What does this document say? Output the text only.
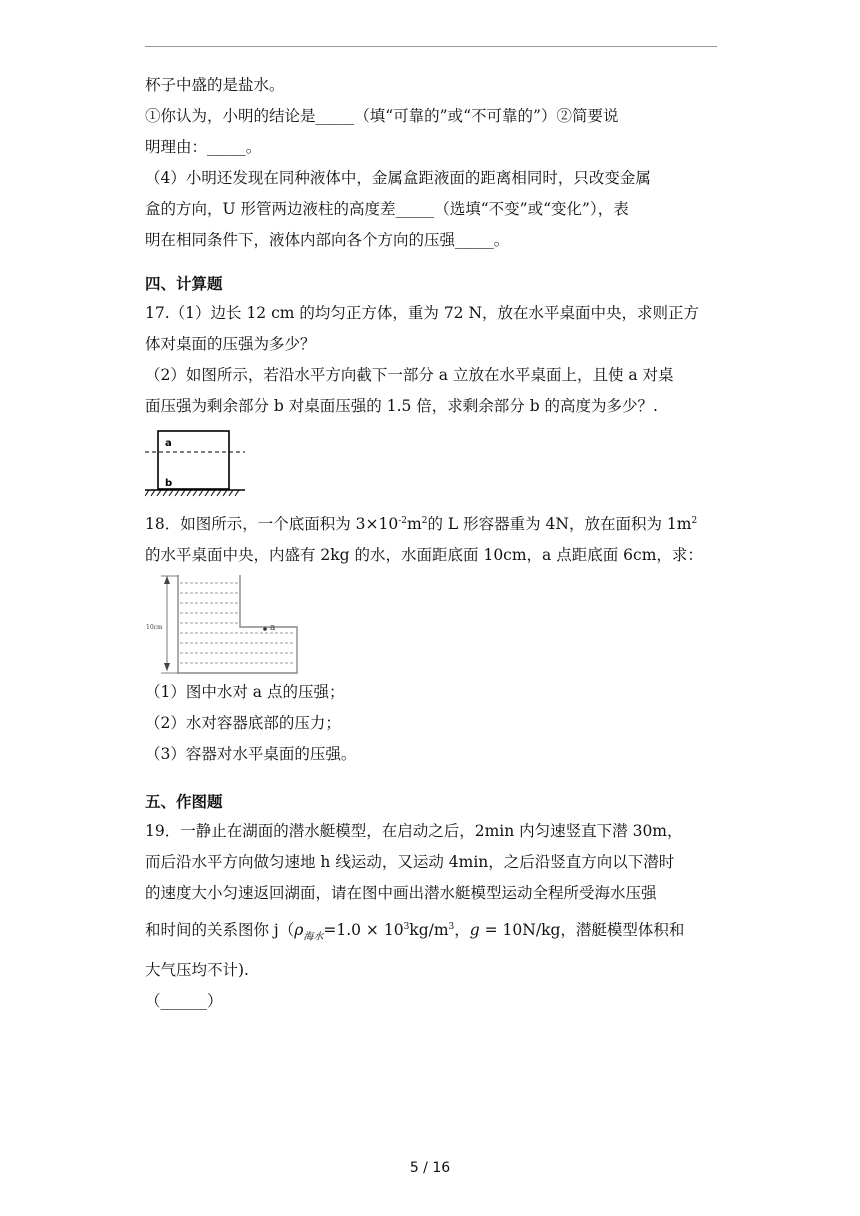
杯子中盛的是盐水。

①你认为，小明的结论是_____（填“可靠的”或“不可靠的”）②简要说

明理由：_____。

（4）小明还发现在同种液体中，金属盒距液面的距离相同时，只改变金属

盒的方向，U 形管两边液柱的高度差_____（选填“不变”或“变化”），表

明在相同条件下，液体内部向各个方向的压强_____。

四、计算题

17.（1）边长 12 cm 的均匀正方体，重为 72 N，放在水平桌面中央，求则正方

体对桌面的压强为多少？

（2）如图所示，若沿水平方向截下一部分 a 立放在水平桌面上，且使 a 对桌

面压强为剩余部分 b 对桌面压强的 1.5 倍，求剩余部分 b 的高度为多少？.

a
b

18．如图所示，一个底面积为 $3\times 10^{-2}m^2$的 L 形容器重为 4N，放在面积为 $1m^2$

的水平桌面中央，内盛有 2kg 的水，水面距底面 10cm，a 点距底面 6cm，求：

10cm	a

（1）图中水对 a 点的压强；

（2）水对容器底部的压力；

（3）容器对水平桌面的压强。

五、作图题

19．一静止在湖面的潜水艇模型，在启动之后，2min 内匀速竖直下潜 30m，

而后沿水平方向做匀速地 h 线运动，又运动 4min，之后沿竖直方向以下潜时

的速度大小匀速返回湖面，请在图中画出潜水艇模型运动全程所受海水压强

和时间的关系图你 $j(\rho_{海水}=1.0 \times 10^3kg/m^3$，g = 10N/kg，潜艇模型体积和

大气压均不计).

（______）

5 / 16
